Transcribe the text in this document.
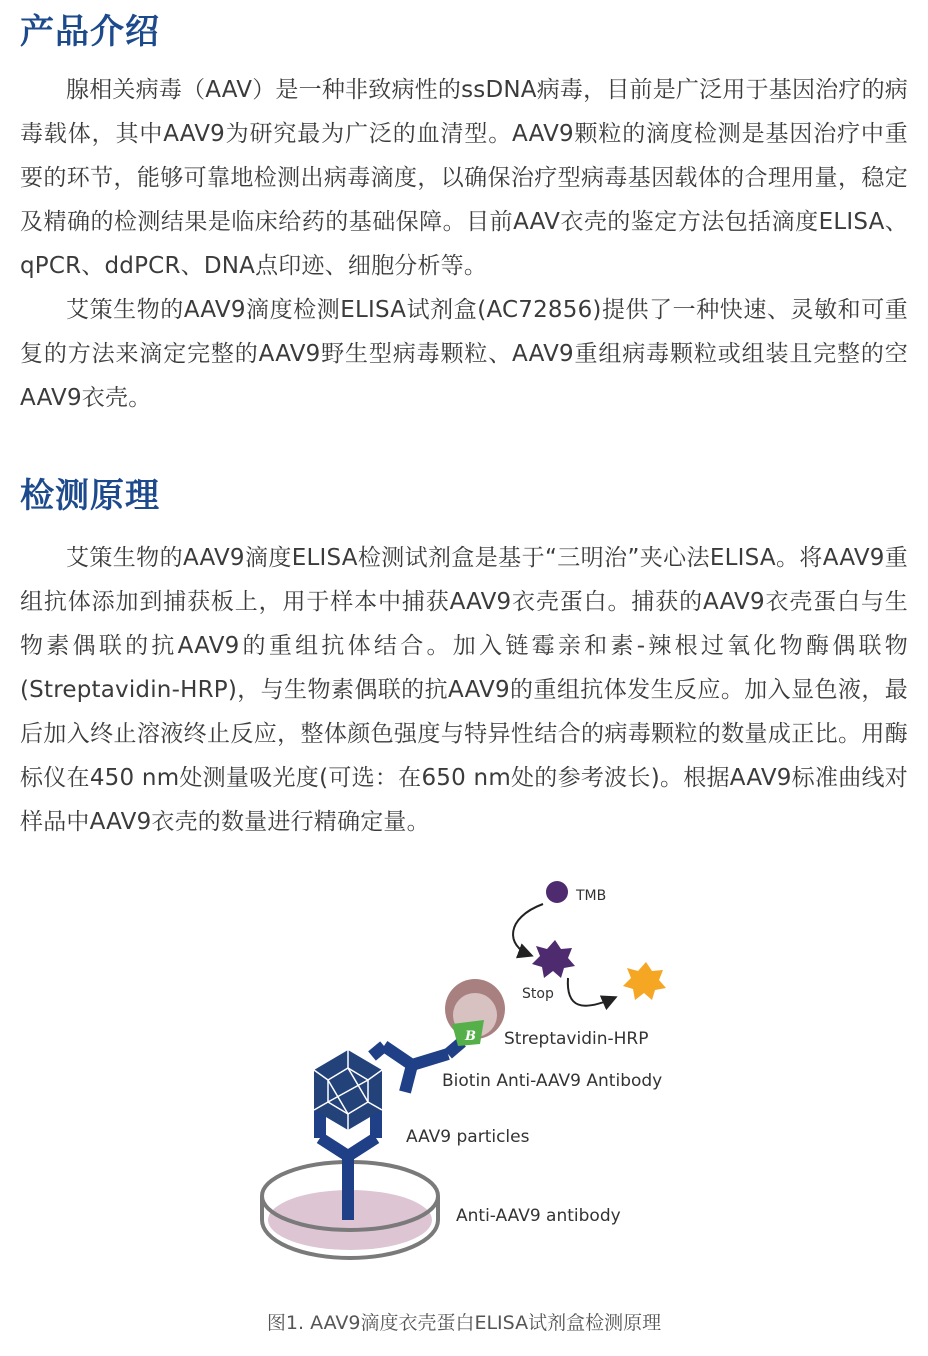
产品介绍

腺相关病毒（AAV）是一种非致病性的ssDNA病毒，目前是广泛用于基因治疗的病毒载体，其中AAV9为研究最为广泛的血清型。AAV9颗粒的滴度检测是基因治疗中重要的环节，能够可靠地检测出病毒滴度，以确保治疗型病毒基因载体的合理用量，稳定及精确的检测结果是临床给药的基础保障。目前AAV衣壳的鉴定方法包括滴度ELISA、qPCR、ddPCR、DNA点印迹、细胞分析等。

艾策生物的AAV9滴度检测ELISA试剂盒(AC72856)提供了一种快速、灵敏和可重复的方法来滴定完整的AAV9野生型病毒颗粒、AAV9重组病毒颗粒或组装且完整的空AAV9衣壳。

检测原理

艾策生物的AAV9滴度ELISA检测试剂盒是基于“三明治”夹心法ELISA。将AAV9重组抗体添加到捕获板上，用于样本中捕获AAV9衣壳蛋白。捕获的AAV9衣壳蛋白与生物素偶联的抗AAV9的重组抗体结合。加入链霉亲和素-辣根过氧化物酶偶联物 (Streptavidin-HRP)，与生物素偶联的抗AAV9的重组抗体发生反应。加入显色液，最后加入终止溶液终止反应，整体颜色强度与特异性结合的病毒颗粒的数量成正比。用酶标仪在450 nm处测量吸光度(可选：在650 nm处的参考波长)。根据AAV9标准曲线对样品中AAV9衣壳的数量进行精确定量。

B
TMB
Stop
Streptavidin-HRP
Biotin Anti-AAV9 Antibody
AAV9 particles
Anti-AAV9 antibody

图1. AAV9滴度衣壳蛋白ELISA试剂盒检测原理
